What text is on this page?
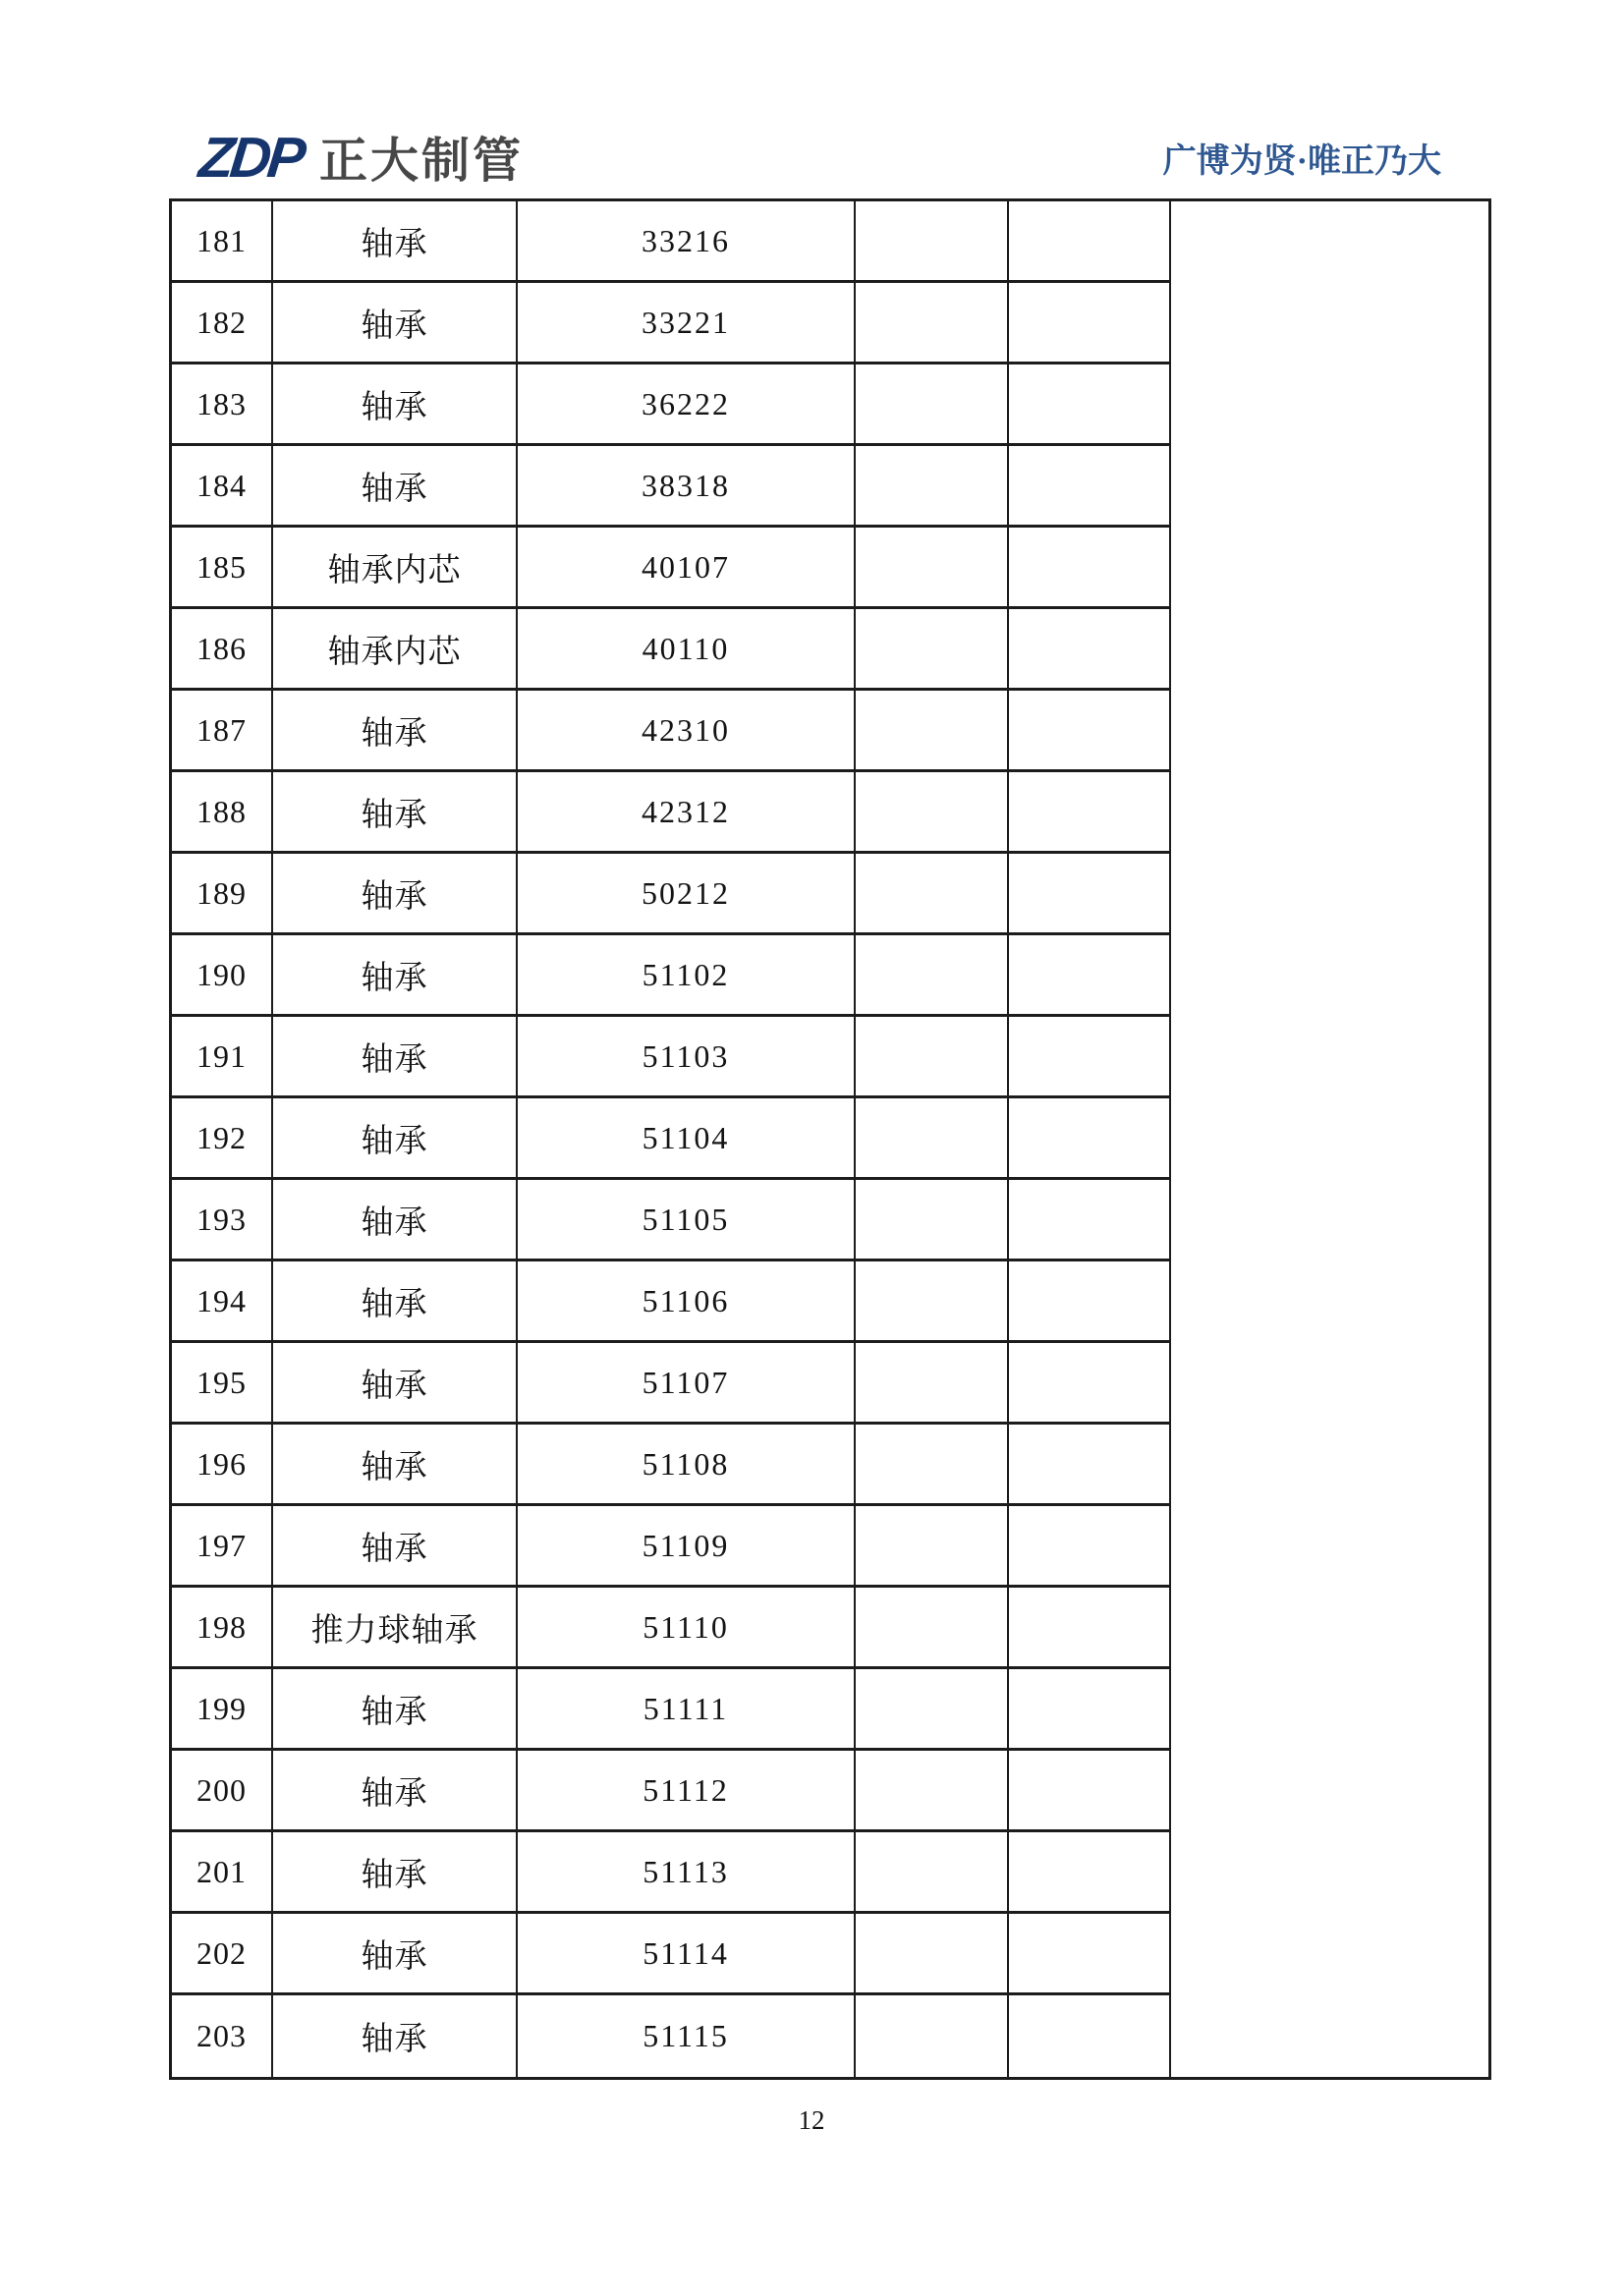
ZDP 正大制管	广博为贤·唯正乃大
181	轴承	33216
182	轴承	33221
183	轴承	36222
184	轴承	38318
185	轴承内芯	40107
186	轴承内芯	40110
187	轴承	42310
188	轴承	42312
189	轴承	50212
190	轴承	51102
191	轴承	51103
192	轴承	51104
193	轴承	51105
194	轴承	51106
195	轴承	51107
196	轴承	51108
197	轴承	51109
198	推力球轴承	51110
199	轴承	51111
200	轴承	51112
201	轴承	51113
202	轴承	51114
203	轴承	51115
12
